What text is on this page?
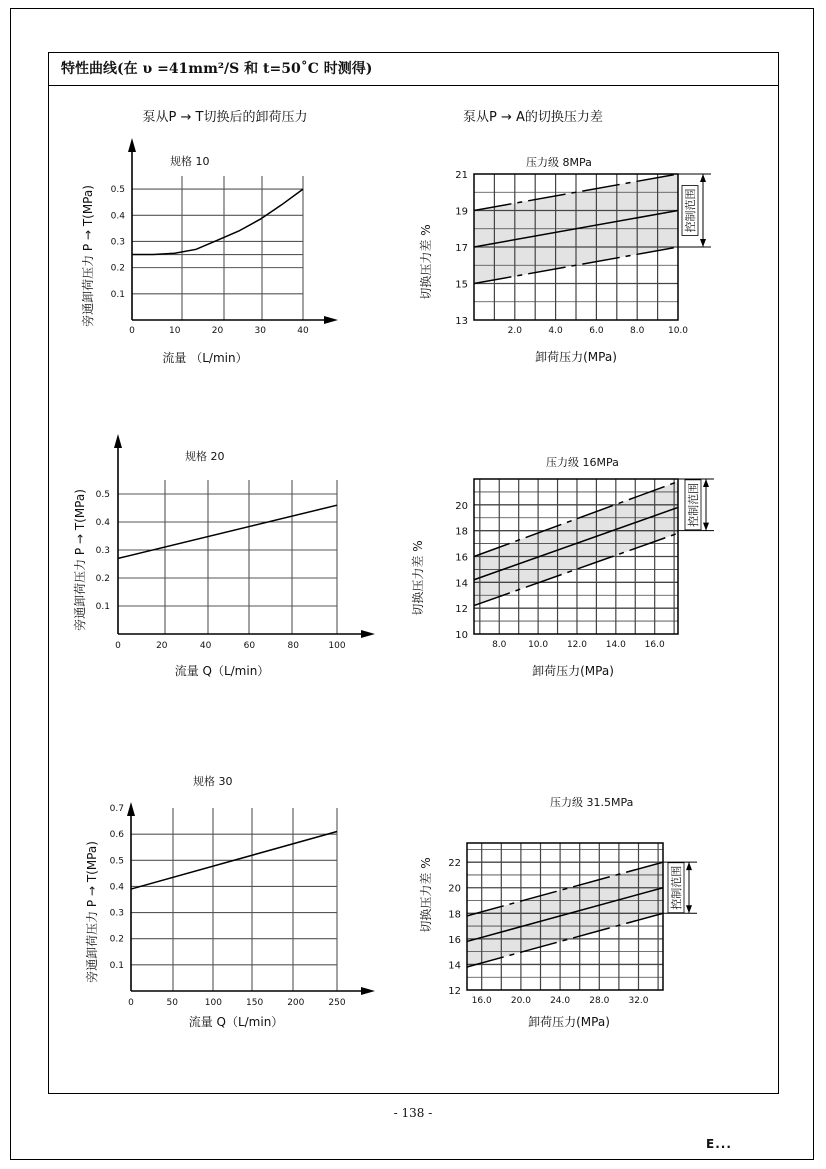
特性曲线(在 υ =41mm²/S 和 t=50˚C 时测得)
泵从P → T切换后的卸荷压力
规格 10
流量 （L/min）
旁通卸荷压力 P → T(MPa)
0	10	20	30	40
0.1
0.2
0.3
0.4
0.5
泵从P → A的切换压力差
压力级 8MPa
卸荷压力(MPa)
切换压力差 %
2.0	4.0	6.0	8.0	10.0
13
15
17
19
21
控制范围
规格 20
流量 Q（L/min）
旁通卸荷压力 P → T(MPa)
0	20	40	60	80	100
0.1
0.2
0.3
0.4
0.5
压力级 16MPa
卸荷压力(MPa)
切换压力差 %
8.0 10.0 12.0 14.0 16.0
10
12
14
16
18
20	控制范围
规格 30
流量 Q（L/min）
旁通卸荷压力 P → T(MPa)
0	50	100	150	200	250
0.1
0.2
0.3
0.4
0.5
0.6
0.7	压力级 31.5MPa
卸荷压力(MPa)
切换压力差 %
16.0 20.0 24.0 28.0 32.0
12
14
16
18
20
22
控制范围
- 138 -
E...
